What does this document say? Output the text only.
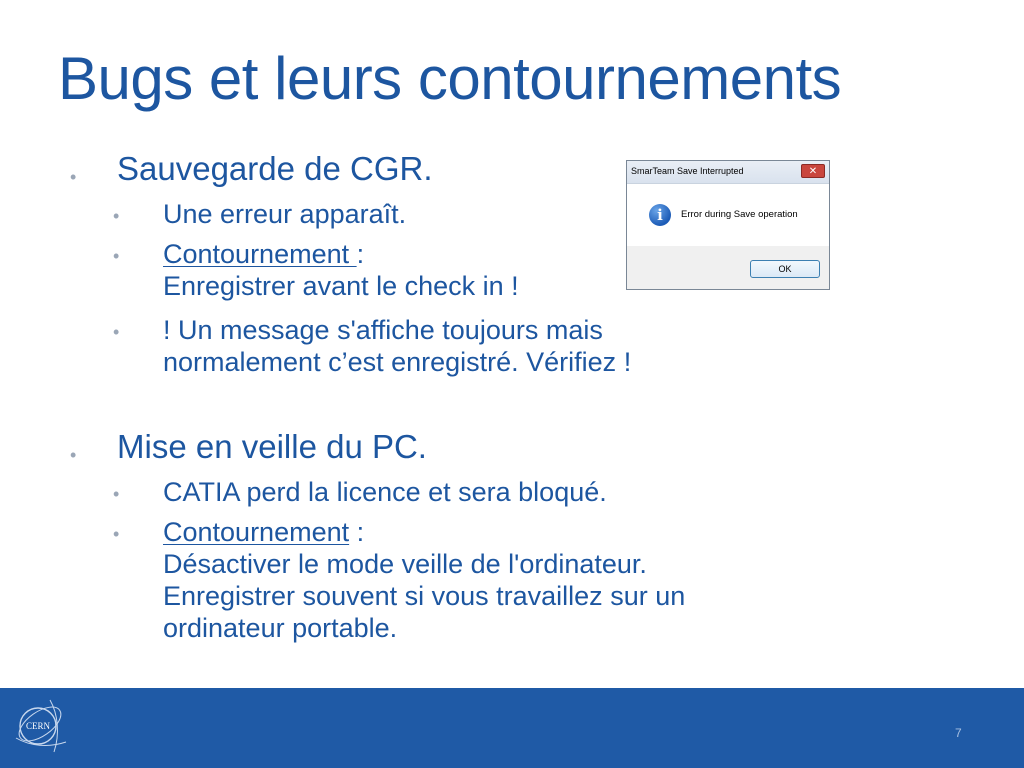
Bugs et leurs contournements
• Sauvegarde de CGR.
• Une erreur apparaît.
• Contournement :
Enregistrer avant le check in !
• ! Un message s'affiche toujours mais
normalement c’est enregistré. Vérifiez !
• Mise en veille du PC.
• CATIA perd la licence et sera bloqué.
• Contournement :
Désactiver le mode veille de l'ordinateur.
Enregistrer souvent si vous travaillez sur un
ordinateur portable.
SmarTeam Save Interrupted	✕
i	Error during Save operation
OK
CERN	7
